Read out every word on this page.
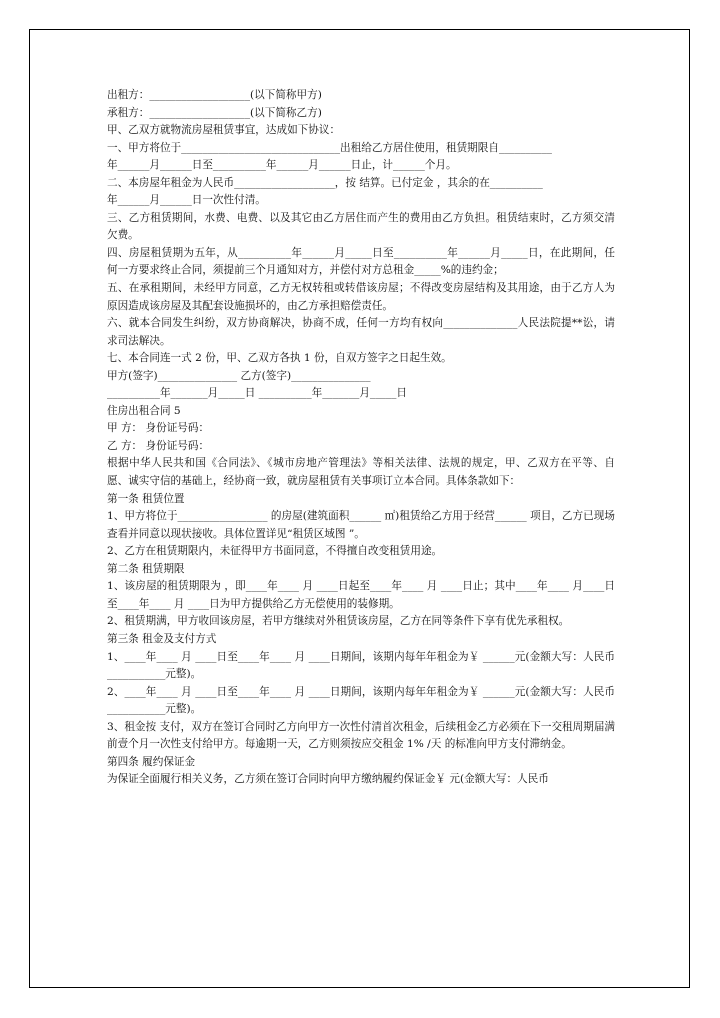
出租方：___________________(以下简称甲方)

承租方：___________________(以下简称乙方)

甲、乙双方就物流房屋租赁事宜，达成如下协议：

一、甲方将位于______________________________出租给乙方居住使用，租赁期限自__________

年______月______日至__________年______月______日止，计______个月。

二、本房屋年租金为人民币___________________，按 结算。已付定金 ，其余的在__________

年______月______日一次性付清。

三、乙方租赁期间，水费、电费、以及其它由乙方居住而产生的费用由乙方负担。租赁结束时，乙方须交清欠费。

四、房屋租赁期为五年，从__________年______月_____日至__________年______月_____日，在此期间，任何一方要求终止合同，须提前三个月通知对方，并偿付对方总租金_____%的违约金；

五、在承租期间，未经甲方同意，乙方无权转租或转借该房屋；不得改变房屋结构及其用途，由于乙方人为原因造成该房屋及其配套设施损坏的，由乙方承担赔偿责任。

六、就本合同发生纠纷，双方协商解决，协商不成，任何一方均有权向______________人民法院提**讼，请求司法解决。

七、本合同连一式 2 份，甲、乙双方各执 1 份，自双方签字之日起生效。

甲方(签字)_______________ 乙方(签字)_______________

__________年_______月_____日 __________年_______月_____日

住房出租合同 5

甲 方： 身份证号码：

乙 方： 身份证号码：

根据中华人民共和国《合同法》、《城市房地产管理法》等相关法律、法规的规定，甲、乙双方在平等、自愿、诚实守信的基础上，经协商一致，就房屋租赁有关事项订立本合同。具体条款如下：

第一条 租赁位置

1、甲方将位于_________________ 的房屋(建筑面积______ ㎡)租赁给乙方用于经营______ 项目，乙方已现场查看并同意以现状接收。具体位置详见“租赁区域图 ”。

2、乙方在租赁期限内，未征得甲方书面同意，不得擅自改变租赁用途。

第二条 租赁期限

1、该房屋的租赁期限为 ，即____年____ 月 ____日起至____年____ 月 ____日止；其中____年____ 月____日至____年____ 月 ____日为甲方提供给乙方无偿使用的装修期。

2、租赁期满，甲方收回该房屋，若甲方继续对外租赁该房屋，乙方在同等条件下享有优先承租权。

第三条 租金及支付方式

1、____年____ 月 ____日至____年____ 月 ____日期间，该期内每年年租金为￥ ______元(金额大写：人民币 ___________元整)。

2、____年____ 月 ____日至____年____ 月 ____日期间，该期内每年年租金为￥ ______元(金额大写：人民币 ___________元整)。

3、租金按 支付，双方在签订合同时乙方向甲方一次性付清首次租金，后续租金乙方必须在下一交租周期届满前壹个月一次性支付给甲方。每逾期一天，乙方则须按应交租金 1% /天 的标准向甲方支付滞纳金。

第四条 履约保证金

为保证全面履行相关义务，乙方须在签订合同时向甲方缴纳履约保证金￥ 元(金额大写：人民币
